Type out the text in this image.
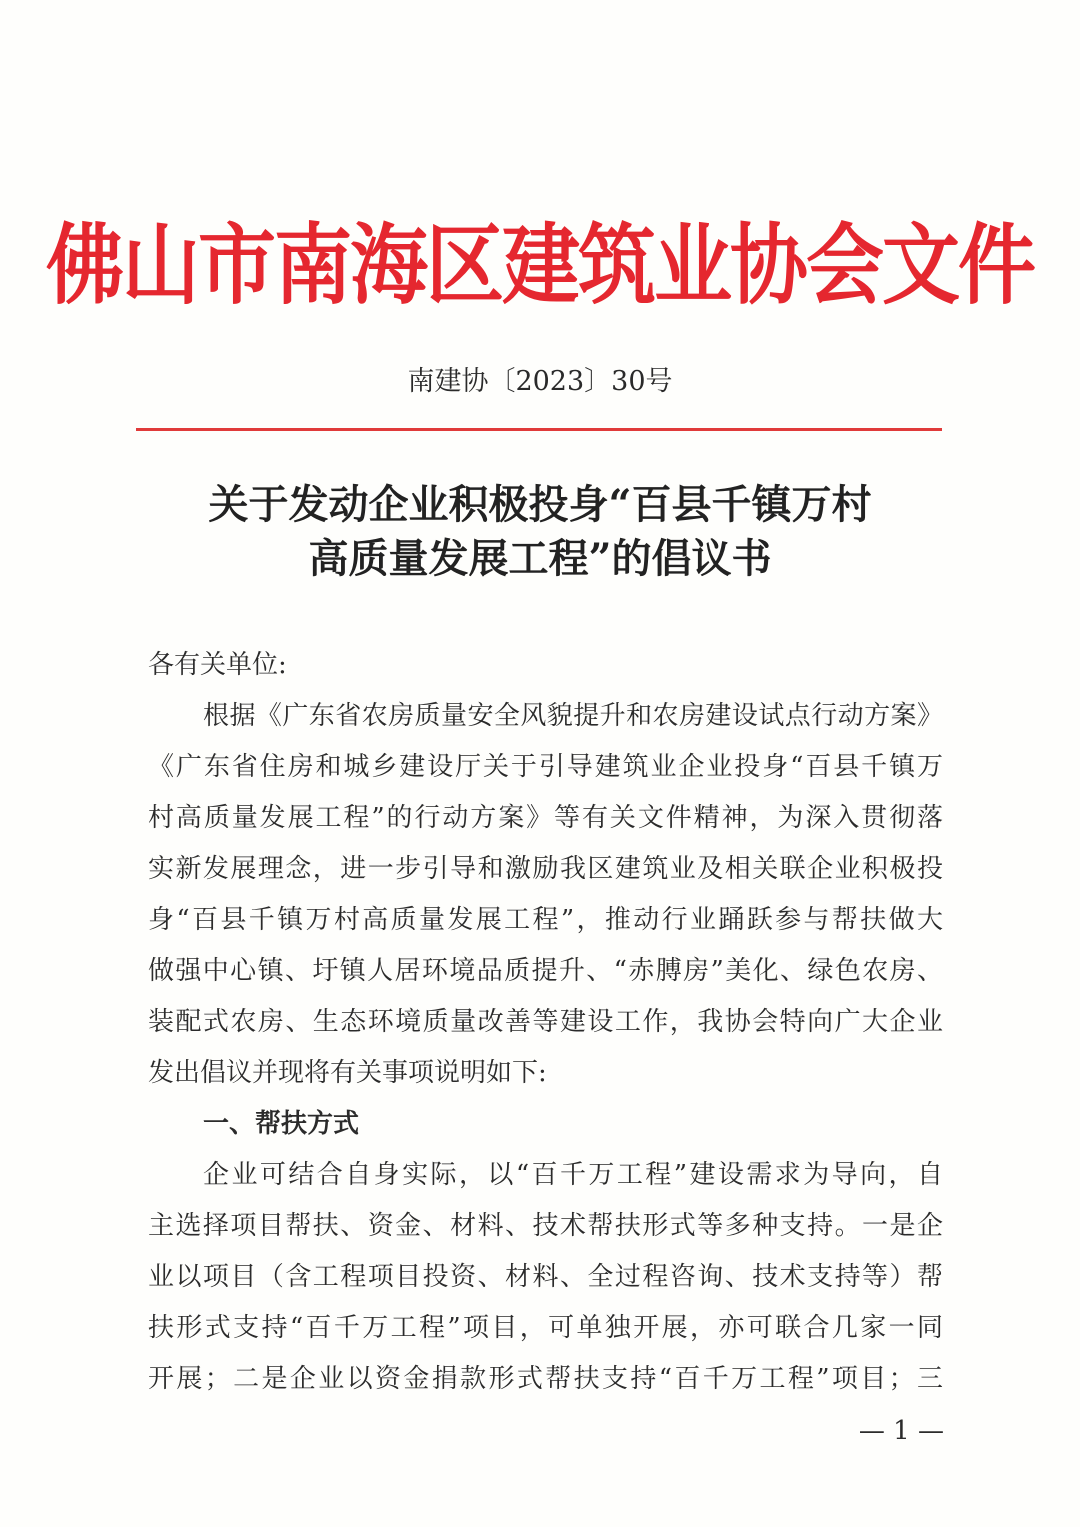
佛山市南海区建筑业协会文件
南建协〔2023〕30号
关于发动企业积极投身“百县千镇万村
高质量发展工程”的倡议书
各有关单位:
根据《广东省农房质量安全风貌提升和农房建设试点行动方案》
《广东省住房和城乡建设厅关于引导建筑业企业投身“百县千镇万
村高质量发展工程”的行动方案》等有关文件精神，为深入贯彻落
实新发展理念，进一步引导和激励我区建筑业及相关联企业积极投
身“百县千镇万村高质量发展工程”，推动行业踊跃参与帮扶做大
做强中心镇、圩镇人居环境品质提升、“赤膊房”美化、绿色农房、
装配式农房、生态环境质量改善等建设工作，我协会特向广大企业
发出倡议并现将有关事项说明如下:
一、帮扶方式
企业可结合自身实际，以“百千万工程”建设需求为导向，自
主选择项目帮扶、资金、材料、技术帮扶形式等多种支持。一是企
业以项目（含工程项目投资、材料、全过程咨询、技术支持等）帮
扶形式支持“百千万工程”项目，可单独开展，亦可联合几家一同
开展；二是企业以资金捐款形式帮扶支持“百千万工程”项目；三
— 1 —
